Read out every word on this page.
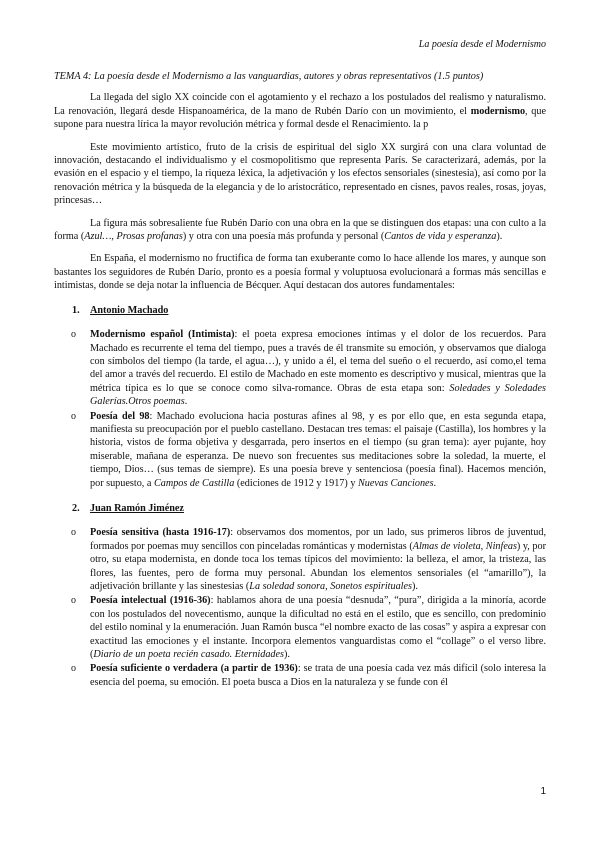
La poesía desde el Modernismo
TEMA 4: La poesía desde el Modernismo a las vanguardias, autores y obras representativos (1.5 puntos)

La llegada del siglo XX coincide con el agotamiento y el rechazo a los postulados del realismo y naturalismo. La renovación, llegará desde Hispanoamérica, de la mano de Rubén Darío con un movimiento, el modernismo, que supone para nuestra lírica la mayor revolución métrica y formal desde el Renacimiento. la p

Este movimiento artístico, fruto de la crisis de espiritual del siglo XX surgirá con una clara voluntad de innovación, destacando el individualismo y el cosmopolitismo que representa París. Se caracterizará, además, por la evasión en el espacio y el tiempo, la riqueza léxica, la adjetivación y los efectos sensoriales (sinestesia), así como por la renovación métrica y la búsqueda de la elegancia y de lo aristocrático, representado en cisnes, pavos reales, rosas, joyas, princesas…

La figura más sobresaliente fue Rubén Darío con una obra en la que se distinguen dos etapas: una con culto a la forma (Azul…, Prosas profanas) y otra con una poesía más profunda y personal (Cantos de vida y esperanza).

En España, el modernismo no fructifica de forma tan exuberante como lo hace allende los mares, y aunque son bastantes los seguidores de Rubén Darío, pronto es a poesía formal y voluptuosa evolucionará a formas más sencillas e intimistas, donde se deja notar la influencia de Bécquer. Aquí destacan dos autores fundamentales:

1. Antonio Machado
o Modernismo español (Intimista): el poeta expresa emociones íntimas y el dolor de los recuerdos. Para Machado es recurrente el tema del tiempo, pues a través de él transmite su emoción, y observamos que dialoga con símbolos del tiempo (la tarde, el agua…), y unido a él, el tema del sueño o el recuerdo, así como,el tema del amor a través del recuerdo. El estilo de Machado en este momento es descriptivo y musical, mientras que la métrica típica es lo que se conoce como silva-romance. Obras de esta etapa son: Soledades y Soledades Galerías.Otros poemas.
o Poesía del 98: Machado evoluciona hacia posturas afines al 98, y es por ello que, en esta segunda etapa, manifiesta su preocupación por el pueblo castellano. Destacan tres temas: el paisaje (Castilla), los hombres y la historia, vistos de forma objetiva y desgarrada, pero insertos en el tiempo (su gran tema): ayer pujante, hoy miserable, mañana de esperanza. De nuevo son frecuentes sus meditaciones sobre la soledad, la muerte, el tiempo, Dios… (sus temas de siempre). Es una poesía breve y sentenciosa (poesía final). Hacemos mención, por supuesto, a Campos de Castilla (ediciones de 1912 y 1917) y Nuevas Canciones.
2. Juan Ramón Jiménez
o Poesía sensitiva (hasta 1916-17): observamos dos momentos, por un lado, sus primeros libros de juventud, formados por poemas muy sencillos con pinceladas románticas y modernistas (Almas de violeta, Ninfeas) y, por otro, su etapa modernista, en donde toca los temas típicos del movimiento: la belleza, el amor, la tristeza, las flores, las fuentes, pero de forma muy personal. Abundan los elementos sensoriales (el “amarillo”), la adjetivación brillante y las sinestesias (La soledad sonora, Sonetos espirituales).
o Poesía intelectual (1916-36): hablamos ahora de una poesía “desnuda”, “pura”, dirigida a la minoría, acorde con los postulados del novecentismo, aunque la dificultad no está en el estilo, que es sencillo, con predominio del estilo nominal y la enumeración. Juan Ramón busca “el nombre exacto de las cosas” y aspira a expresar con exactitud las emociones y el instante. Incorpora elementos vanguardistas como el “collage” o el verso libre. (Diario de un poeta recién casado. Eternidades).
o Poesía suficiente o verdadera (a partir de 1936): se trata de una poesía cada vez más difícil (solo interesa la esencia del poema, su emoción. El poeta busca a Dios en la naturaleza y se funde con él
1
